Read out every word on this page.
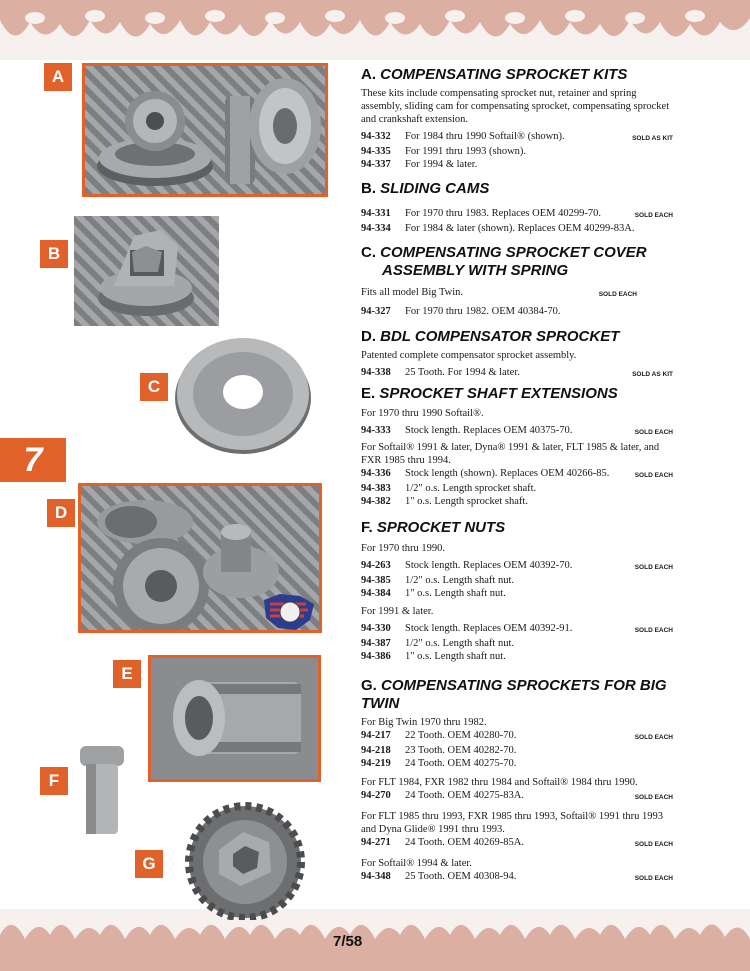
A
B
C
7
D
E
F
G
A. COMPENSATING SPROCKET KITS
These kits include compensating sprocket nut, retainer and spring assembly, sliding cam for compensating sprocket, compensating sprocket and crankshaft extension.
94-332	For 1984 thru 1990 Softail® (shown).	SOLD AS KIT
94-335	For 1991 thru 1993 (shown).
94-337	For 1994 & later.
B. SLIDING CAMS
94-331	For 1970 thru 1983. Replaces OEM 40299-70.	SOLD EACH
94-334	For 1984 & later (shown). Replaces OEM 40299-83A.
C. COMPENSATING SPROCKET COVER
ASSEMBLY WITH SPRING
Fits all model Big Twin.	SOLD EACH
94-327	For 1970 thru 1982. OEM 40384-70.
D. BDL COMPENSATOR SPROCKET
Patented complete compensator sprocket assembly.
94-338	25 Tooth. For 1994 & later.	SOLD AS KIT
E. SPROCKET SHAFT EXTENSIONS
For 1970 thru 1990 Softail®.
94-333	Stock length. Replaces OEM 40375-70.	SOLD EACH
For Softail® 1991 & later, Dyna® 1991 & later, FLT 1985 & later, and FXR 1985 thru 1994.
94-336	Stock length (shown). Replaces OEM 40266-85.	SOLD EACH
94-383	1/2" o.s. Length sprocket shaft.
94-382	1" o.s. Length sprocket shaft.
F. SPROCKET NUTS
For 1970 thru 1990.
94-263	Stock length. Replaces OEM 40392-70.	SOLD EACH
94-385	1/2" o.s. Length shaft nut.
94-384	1" o.s. Length shaft nut.
For 1991 & later.
94-330	Stock length. Replaces OEM 40392-91.	SOLD EACH
94-387	1/2" o.s. Length shaft nut.
94-386	1" o.s. Length shaft nut.
G. COMPENSATING SPROCKETS FOR BIG TWIN
For Big Twin 1970 thru 1982.
94-217	22 Tooth. OEM 40280-70.	SOLD EACH
94-218	23 Tooth. OEM 40282-70.
94-219	24 Tooth. OEM 40275-70.
For FLT 1984, FXR 1982 thru 1984 and Softail® 1984 thru 1990.
94-270	24 Tooth. OEM 40275-83A.	SOLD EACH
For FLT 1985 thru 1993, FXR 1985 thru 1993, Softail® 1991 thru 1993 and Dyna Glide® 1991 thru 1993.
94-271	24 Tooth. OEM 40269-85A.	SOLD EACH
For Softail® 1994 & later.
94-348	25 Tooth. OEM 40308-94.	SOLD EACH
7/58
